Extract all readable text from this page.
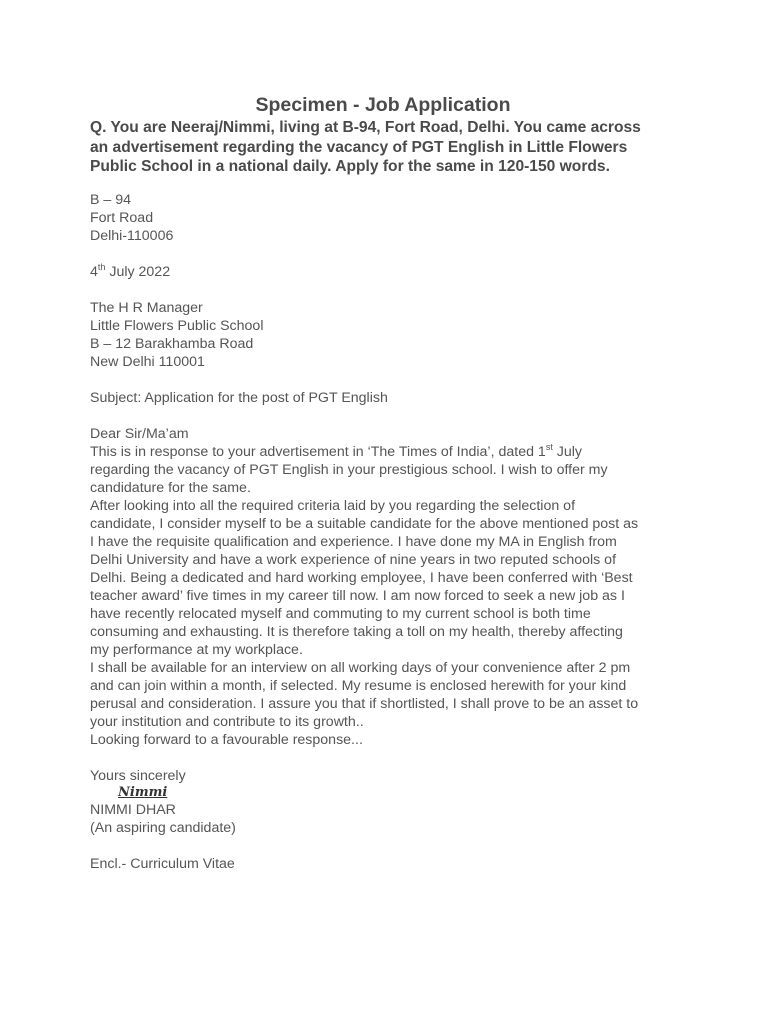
Specimen - Job Application
Q. You are Neeraj/Nimmi, living at B-94, Fort Road, Delhi. You came across
an advertisement regarding the vacancy of PGT English in Little Flowers
Public School in a national daily. Apply for the same in 120-150 words.
B – 94
Fort Road
Delhi-110006
4th July 2022
The H R Manager
Little Flowers Public School
B – 12 Barakhamba Road
New Delhi 110001
Subject: Application for the post of PGT English
Dear Sir/Ma’am
This is in response to your advertisement in ‘The Times of India’, dated 1st July
regarding the vacancy of PGT English in your prestigious school. I wish to offer my
candidature for the same.
After looking into all the required criteria laid by you regarding the selection of
candidate, I consider myself to be a suitable candidate for the above mentioned post as
I have the requisite qualification and experience. I have done my MA in English from
Delhi University and have a work experience of nine years in two reputed schools of
Delhi. Being a dedicated and hard working employee, I have been conferred with ‘Best
teacher award’ five times in my career till now. I am now forced to seek a new job as I
have recently relocated myself and commuting to my current school is both time
consuming and exhausting. It is therefore taking a toll on my health, thereby affecting
my performance at my workplace.
I shall be available for an interview on all working days of your convenience after 2 pm
and can join within a month, if selected. My resume is enclosed herewith for your kind
perusal and consideration. I assure you that if shortlisted, I shall prove to be an asset to
your institution and contribute to its growth..
Looking forward to a favourable response...
Yours sincerely
Nimmi
NIMMI DHAR
(An aspiring candidate)
Encl.- Curriculum Vitae
